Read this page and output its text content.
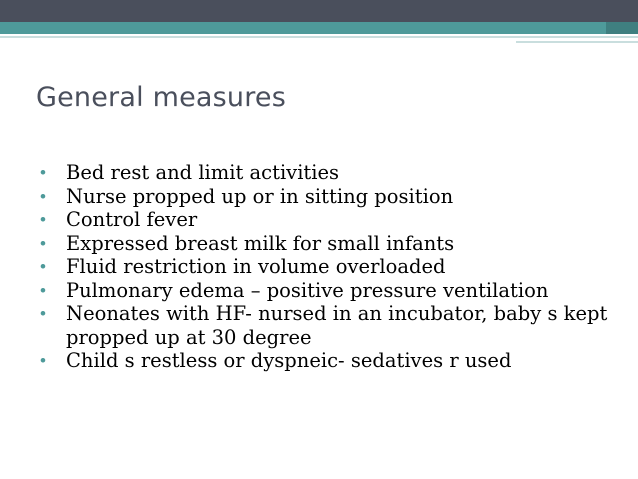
General measures
• Bed rest and limit activities
• Nurse propped up or in sitting position
• Control fever
• Expressed breast milk for small infants
• Fluid restriction in volume overloaded
• Pulmonary edema – positive pressure ventilation
• Neonates with HF- nursed in an incubator, baby s kept propped up at 30 degree
• Child s restless or dyspneic- sedatives r used
